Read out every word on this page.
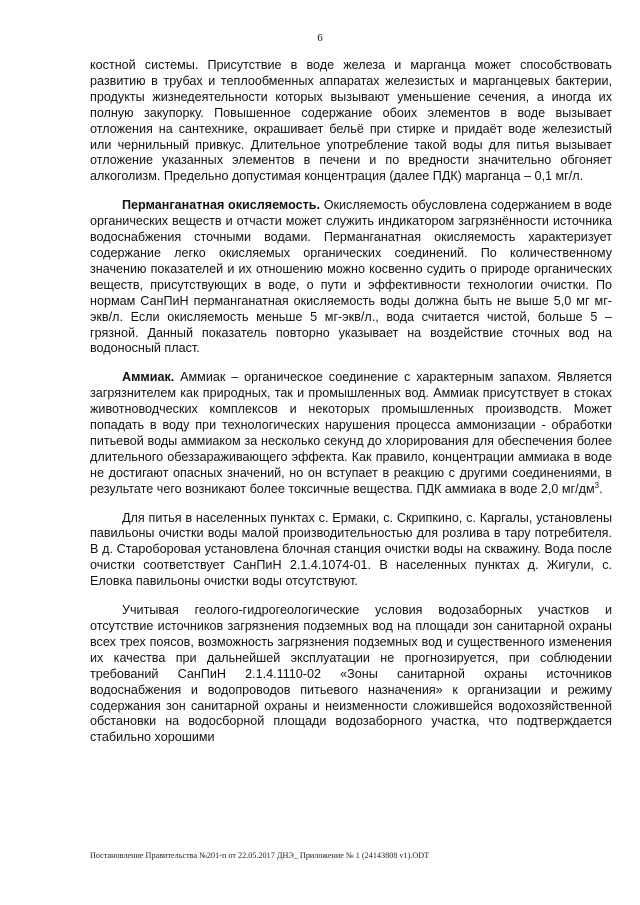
6

костной системы. Присутствие в воде железа и марганца может способствовать развитию в трубах и теплообменных аппаратах железистых и марганцевых бактерии, продукты жизнедеятельности которых вызывают уменьшение сечения, а иногда их полную закупорку. Повышенное содержание обоих элементов в воде вызывает отложения на сантехнике, окрашивает бельё при стирке и придаёт воде железистый или чернильный привкус. Длительное употребление такой воды для питья вызывает отложение указанных элементов в печени и по вредности значительно обгоняет алкоголизм. Предельно допустимая концентрация (далее ПДК) марганца – 0,1 мг/л.

Перманганатная окисляемость. Окисляемость обусловлена содержанием в воде органических веществ и отчасти может служить индикатором загрязнённости источника водоснабжения сточными водами. Перманганатная окисляемость характеризует содержание легко окисляемых органических соединений. По количественному значению показателей и их отношению можно косвенно судить о природе органических веществ, присутствующих в воде, о пути и эффективности технологии очистки. По нормам СанПиН перманганатная окисляемость воды должна быть не выше 5,0 мг мг-экв/л. Если окисляемость меньше 5 мг-экв/л., вода считается чистой, больше 5 – грязной. Данный показатель повторно указывает на воздействие сточных вод на водоносный пласт.

Аммиак. Аммиак – органическое соединение с характерным запахом. Является загрязнителем как природных, так и промышленных вод. Аммиак присутствует в стоках животноводческих комплексов и некоторых промышленных производств. Может попадать в воду при технологических нарушения процесса аммонизации - обработки питьевой воды аммиаком за несколько секунд до хлорирования для обеспечения более длительного обеззараживающего эффекта. Как правило, концентрации аммиака в воде не достигают опасных значений, но он вступает в реакцию с другими соединениями, в результате чего возникают более токсичные вещества. ПДК аммиака в воде 2,0 $мг/дм^3$.

Для питья в населенных пунктах с. Ермаки, с. Скрипкино, с. Каргалы, установлены павильоны очистки воды малой производительностью для розлива в тару потребителя. В д. Староборовая установлена блочная станция очистки воды на скважину. Вода после очистки соответствует СанПиН 2.1.4.1074-01. В населенных пунктах д. Жигули, с. Еловка павильоны очистки воды отсутствуют.

Учитывая геолого-гидрогеологические условия водозаборных участков и отсутствие источников загрязнения подземных вод на площади зон санитарной охраны всех трех поясов, возможность загрязнения подземных вод и существенного изменения их качества при дальнейшей эксплуатации не прогнозируется, при соблюдении требований СанПиН 2.1.4.1110-02 «Зоны санитарной охраны источников водоснабжения и водопроводов питьевого назначения» к организации и режиму содержания зон санитарной охраны и неизменности сложившейся водохозяйственной обстановки на водосборной площади водозаборного участка, что подтверждается стабильно хорошими

Постановление Правительства №201-п от 22.05.2017 ДНЭ_ Приложение № 1 (24143808 v1).ODT
